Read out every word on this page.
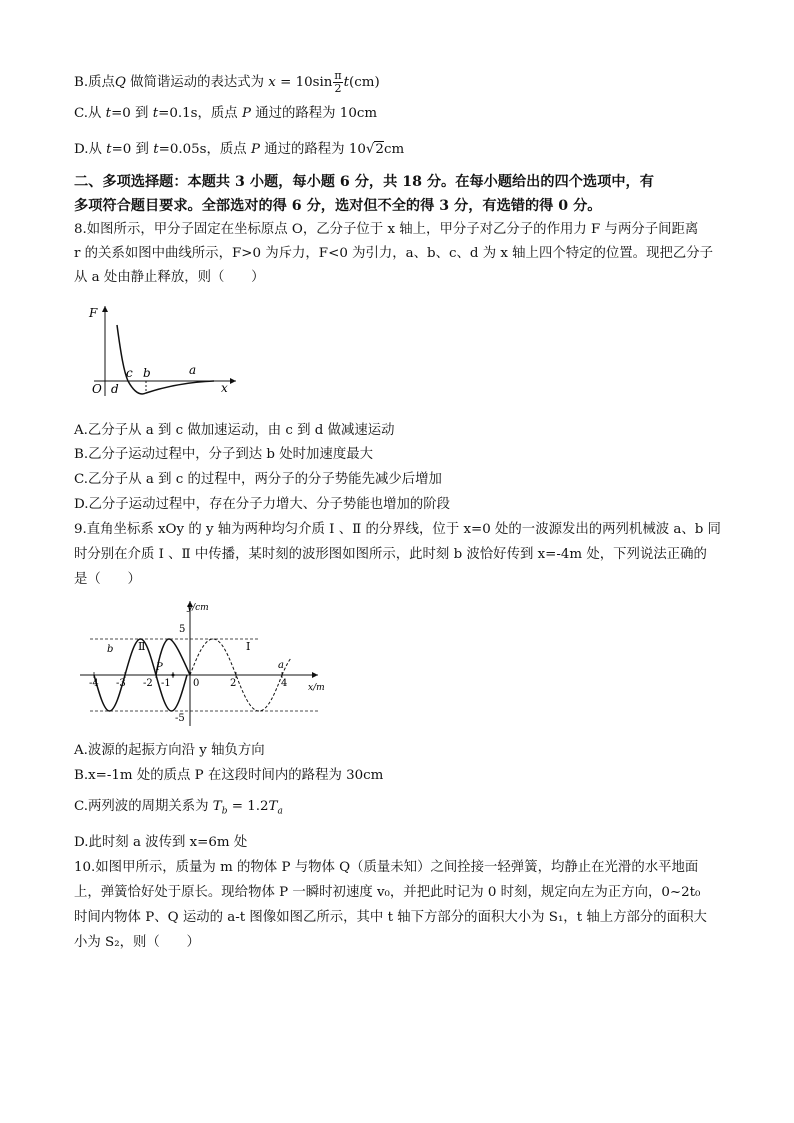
B.质点Q 做简谐运动的表达式为 $x = 10\sin \frac{\pi}{2} t(cm)$
C.从 t=0 到 t=0.1s，质点 P 通过的路程为 10cm
D.从 t=0 到 t=0.05s，质点 P 通过的路程为 10√2cm
二、多项选择题：本题共 3 小题，每小题 6 分，共 18 分。在每小题给出的四个选项中，有
多项符合题目要求。全部选对的得 6 分，选对但不全的得 3 分，有选错的得 0 分。
8.如图所示，甲分子固定在坐标原点 O，乙分子位于 x 轴上，甲分子对乙分子的作用力 F 与两分子间距离
r 的关系如图中曲线所示，F>0 为斥力，F<0 为引力，a、b、c、d 为 x 轴上四个特定的位置。现把乙分子
从 a 处由静止释放，则（　　）
F
O	x
d
c b	a
A.乙分子从 a 到 c 做加速运动，由 c 到 d 做减速运动
B.乙分子运动过程中，分子到达 b 处时加速度最大
C.乙分子从 a 到 c 的过程中，两分子的分子势能先减少后增加
D.乙分子运动过程中，存在分子力增大、分子势能也增加的阶段
9.直角坐标系 xOy 的 y 轴为两种均匀介质 Ⅰ 、Ⅱ 的分界线，位于 x=0 处的一波源发出的两列机械波 a、b 同
时分别在介质 Ⅰ 、Ⅱ 中传播，某时刻的波形图如图所示，此时刻 b 波恰好传到 x=-4m 处，下列说法正确的
是（　　）
y/cm
x/m
5
-5
-4 -3 -2 -1 0	2	4
Ⅱ	Ⅰ
b
a
P
A.波源的起振方向沿 y 轴负方向
B.x=-1m 处的质点 P 在这段时间内的路程为 30cm
C.两列波的周期关系为 $T_b = 1.2T_a$
D.此时刻 a 波传到 x=6m 处
10.如图甲所示，质量为 m 的物体 P 与物体 Q（质量未知）之间拴接一轻弹簧，均静止在光滑的水平地面
上，弹簧恰好处于原长。现给物体 P 一瞬时初速度 v₀，并把此时记为 0 时刻，规定向左为正方向，0~2t₀
时间内物体 P、Q 运动的 a-t 图像如图乙所示，其中 t 轴下方部分的面积大小为 S₁，t 轴上方部分的面积大
小为 S₂，则（　　）
